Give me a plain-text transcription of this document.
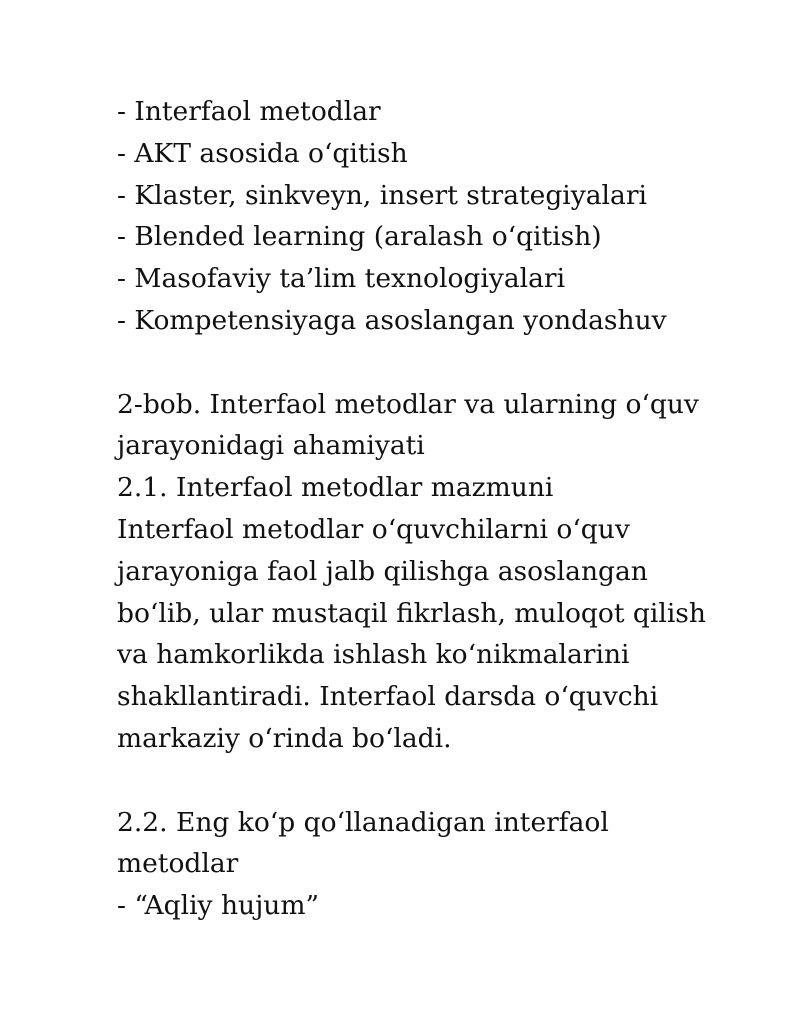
- Interfaol metodlar
- AKT asosida o‘qitish
- Klaster, sinkveyn, insert strategiyalari
- Blended learning (aralash o‘qitish)
- Masofaviy ta’lim texnologiyalari
- Kompetensiyaga asoslangan yondashuv
2-bob. Interfaol metodlar va ularning o‘quv
jarayonidagi ahamiyati
2.1. Interfaol metodlar mazmuni
Interfaol metodlar o‘quvchilarni o‘quv
jarayoniga faol jalb qilishga asoslangan
bo‘lib, ular mustaqil fikrlash, muloqot qilish
va hamkorlikda ishlash ko‘nikmalarini
shakllantiradi. Interfaol darsda o‘quvchi
markaziy o‘rinda bo‘ladi.
2.2. Eng ko‘p qo‘llanadigan interfaol
metodlar
- “Aqliy hujum”
